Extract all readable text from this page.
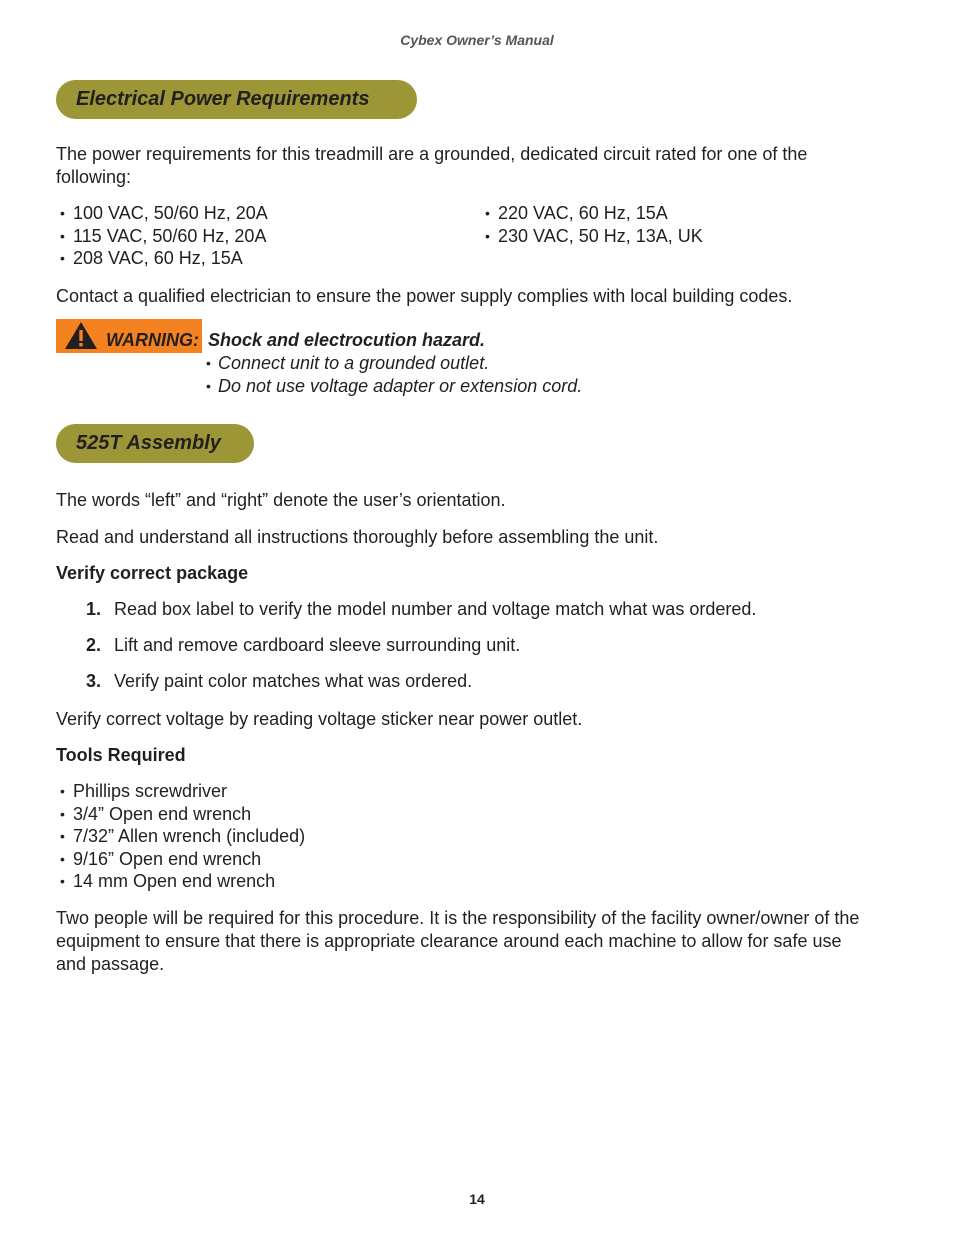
Cybex Owner’s Manual
Electrical Power Requirements
The power requirements for this treadmill are a grounded, dedicated circuit rated for one of the
following:
• 100 VAC, 50/60 Hz, 20A
• 115 VAC, 50/60 Hz, 20A
• 208 VAC, 60 Hz, 15A
• 220 VAC, 60 Hz, 15A
• 230 VAC, 50 Hz, 13A, UK
Contact a qualified electrician to ensure the power supply complies with local building codes.
WARNING: Shock and electrocution hazard.
• Connect unit to a grounded outlet.
• Do not use voltage adapter or extension cord.
525T Assembly
The words “left” and “right” denote the user’s orientation.
Read and understand all instructions thoroughly before assembling the unit.
Verify correct package
1. Read box label to verify the model number and voltage match what was ordered.
2. Lift and remove cardboard sleeve surrounding unit.
3. Verify paint color matches what was ordered.
Verify correct voltage by reading voltage sticker near power outlet.
Tools Required
• Phillips screwdriver
• 3/4” Open end wrench
• 7/32” Allen wrench (included)
• 9/16” Open end wrench
• 14 mm Open end wrench
Two people will be required for this procedure. It is the responsibility of the facility owner/owner of the
equipment to ensure that there is appropriate clearance around each machine to allow for safe use
and passage.
14
